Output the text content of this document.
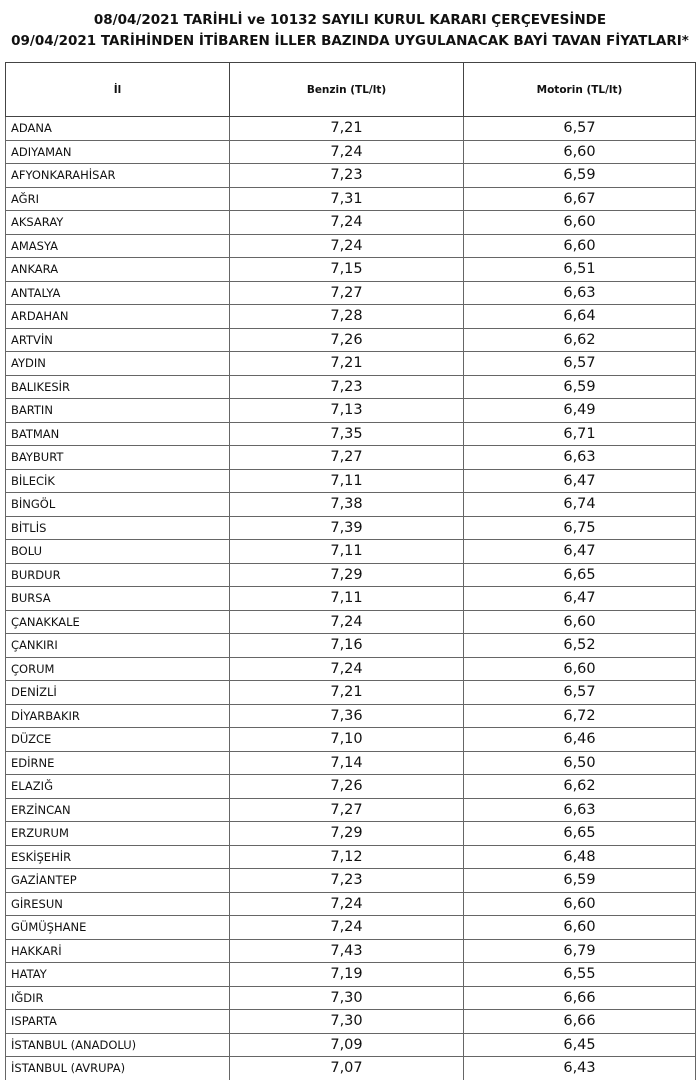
08/04/2021 TARİHLİ ve 10132 SAYILI KURUL KARARI ÇERÇEVESİNDE
09/04/2021 TARİHİNDEN İTİBAREN İLLER BAZINDA UYGULANACAK BAYİ TAVAN FİYATLARI*
İl	Benzin (TL/lt)	Motorin (TL/lt)
ADANA	7,21	6,57
ADIYAMAN	7,24	6,60
AFYONKARAHİSAR	7,23	6,59
AĞRI	7,31	6,67
AKSARAY	7,24	6,60
AMASYA	7,24	6,60
ANKARA	7,15	6,51
ANTALYA	7,27	6,63
ARDAHAN	7,28	6,64
ARTVİN	7,26	6,62
AYDIN	7,21	6,57
BALIKESİR	7,23	6,59
BARTIN	7,13	6,49
BATMAN	7,35	6,71
BAYBURT	7,27	6,63
BİLECİK	7,11	6,47
BİNGÖL	7,38	6,74
BİTLİS	7,39	6,75
BOLU	7,11	6,47
BURDUR	7,29	6,65
BURSA	7,11	6,47
ÇANAKKALE	7,24	6,60
ÇANKIRI	7,16	6,52
ÇORUM	7,24	6,60
DENİZLİ	7,21	6,57
DİYARBAKIR	7,36	6,72
DÜZCE	7,10	6,46
EDİRNE	7,14	6,50
ELAZIĞ	7,26	6,62
ERZİNCAN	7,27	6,63
ERZURUM	7,29	6,65
ESKİŞEHİR	7,12	6,48
GAZİANTEP	7,23	6,59
GİRESUN	7,24	6,60
GÜMÜŞHANE	7,24	6,60
HAKKARİ	7,43	6,79
HATAY	7,19	6,55
IĞDIR	7,30	6,66
ISPARTA	7,30	6,66
İSTANBUL (ANADOLU)	7,09	6,45
İSTANBUL (AVRUPA)	7,07	6,43
